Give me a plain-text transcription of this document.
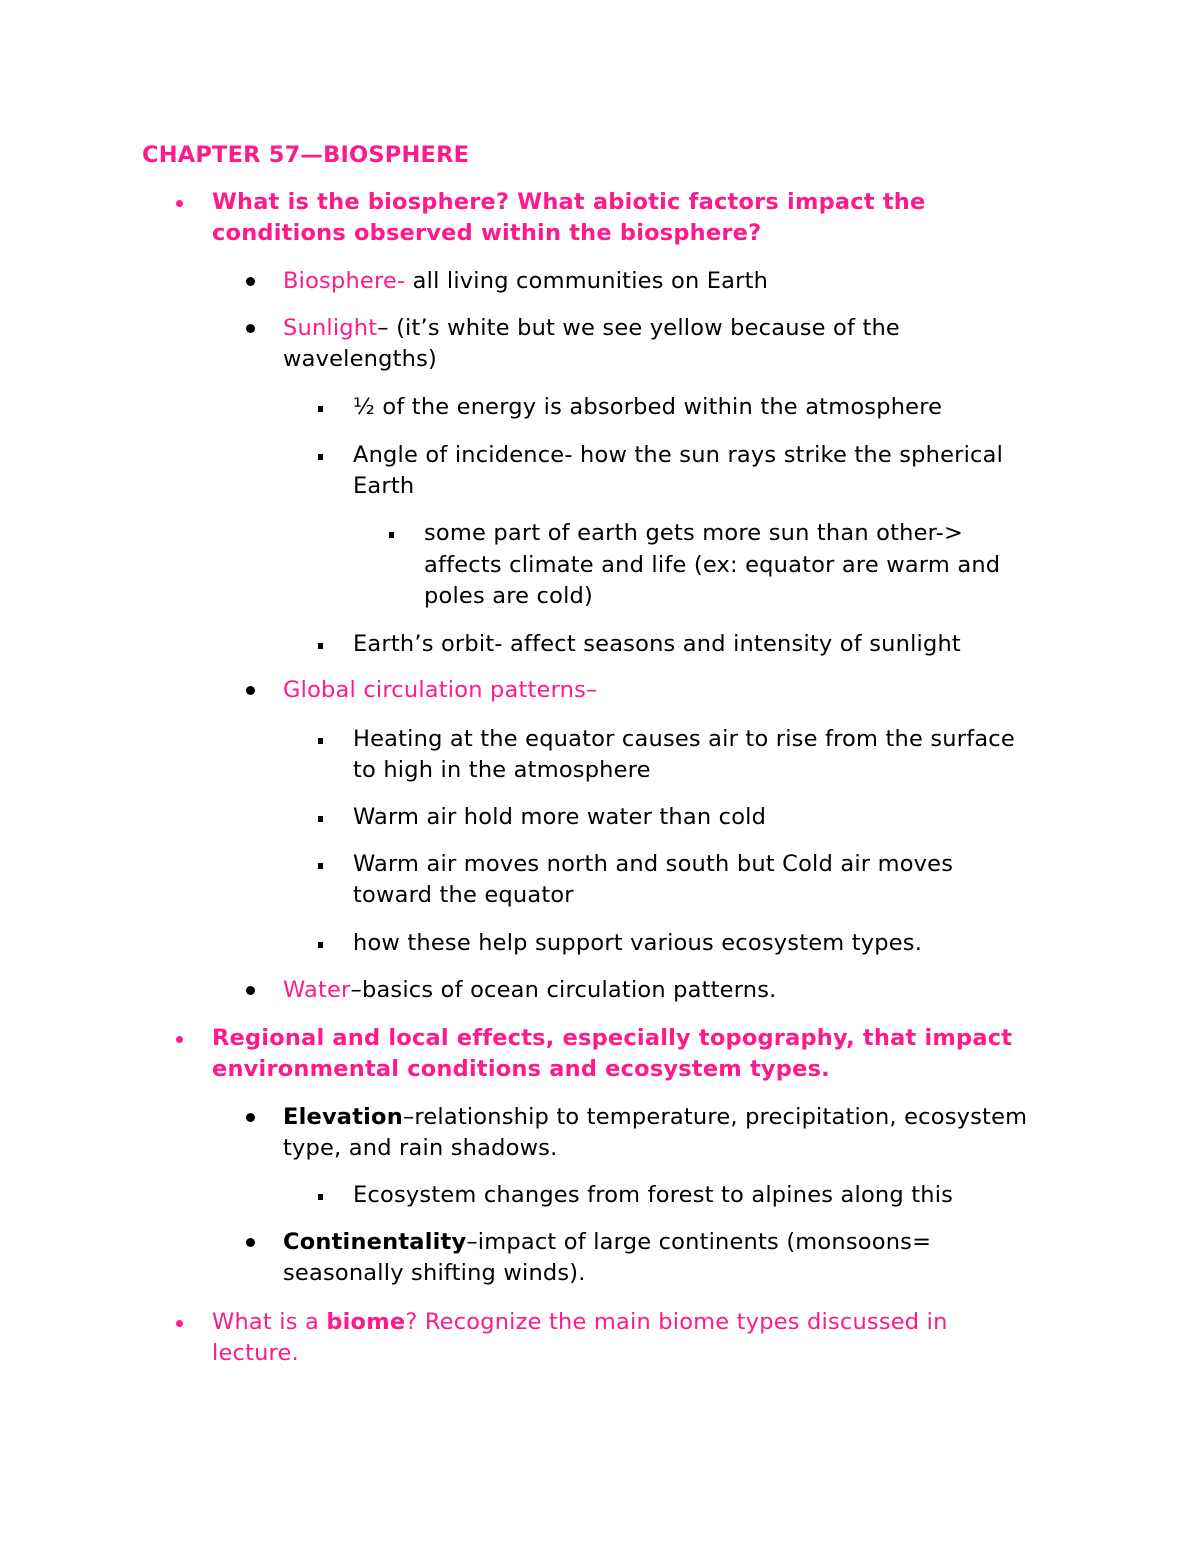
CHAPTER 57—BIOSPHERE
What is the biosphere? What abiotic factors impact the
conditions observed within the biosphere?
Biosphere- all living communities on Earth
Sunlight– (it’s white but we see yellow because of the
wavelengths)
½ of the energy is absorbed within the atmosphere
Angle of incidence- how the sun rays strike the spherical
Earth
some part of earth gets more sun than other->
affects climate and life (ex: equator are warm and
poles are cold)
Earth’s orbit- affect seasons and intensity of sunlight
Global circulation patterns–
Heating at the equator causes air to rise from the surface
to high in the atmosphere
Warm air hold more water than cold
Warm air moves north and south but Cold air moves
toward the equator
how these help support various ecosystem types.
Water–basics of ocean circulation patterns.
Regional and local effects, especially topography, that impact
environmental conditions and ecosystem types.
Elevation–relationship to temperature, precipitation, ecosystem
type, and rain shadows.
Ecosystem changes from forest to alpines along this
Continentality–impact of large continents (monsoons=
seasonally shifting winds).
What is a biome? Recognize the main biome types discussed in
lecture.
